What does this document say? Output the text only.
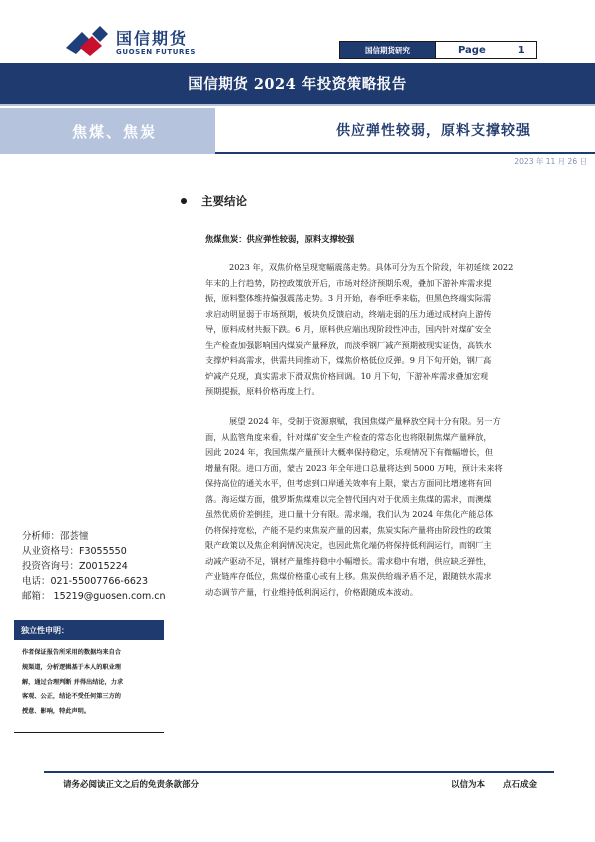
国信期货
GUOSEN FUTURES	国信期货研究	Page	1
国信期货 2024 年投资策略报告
焦煤、焦炭	供应弹性较弱，原料支撑较强
2023 年 11 月 26 日
主要结论
焦煤焦炭：供应弹性较弱，原料支撑较强

2023 年，双焦价格呈现宽幅震荡走势。具体可分为五个阶段，年初延续 2022

年末的上行趋势，防控政策放开后，市场对经济预期乐观，叠加下游补库需求提

振，原料整体维持偏强震荡走势。3 月开始，春季旺季来临，但黑色终端实际需

求启动明显弱于市场预期，板块负反馈启动，终端走弱的压力通过成材向上游传

导，原料成材共振下跌。6 月，原料供应端出现阶段性冲击，国内针对煤矿安全

生产检查加强影响国内煤炭产量释放，而淡季钢厂减产预期被现实证伪，高铁水

支撑炉料高需求，供需共同推动下，煤焦价格低位反弹。9 月下旬开始，钢厂高

炉减产兑现，真实需求下滑双焦价格回调。10 月下旬，下游补库需求叠加宏观

预期提振，原料价格再度上行。

展望 2024 年，受制于资源禀赋，我国焦煤产量释放空间十分有限。另一方

面，从监管角度来看，针对煤矿安全生产检查的常态化也将限制焦煤产量释放，

因此 2024 年，我国焦煤产量预计大概率保持稳定，乐观情况下有微幅增长，但

增量有限。进口方面，蒙古 2023 年全年进口总量将达到 5000 万吨，预计未来将

保持高位的通关水平，但考虑到口岸通关效率有上限，蒙古方面同比增速将有回

落。海运煤方面，俄罗斯焦煤难以完全替代国内对于优质主焦煤的需求，而澳煤

虽然优质价差倒挂，进口量十分有限。需求端，我们认为 2024 年焦化产能总体

仍将保持宽松，产能不是约束焦炭产量的因素，焦炭实际产量将由阶段性的政策

限产政策以及焦企利润情况决定，也因此焦化端仍将保持低利润运行，而钢厂主

动减产驱动不足，钢材产量维持稳中小幅增长。需求稳中有增，供应缺乏弹性，

产业链库存低位，焦煤价格重心或有上移。焦炭供给端矛盾不足，跟随铁水需求

动态调节产量，行业维持低利润运行，价格跟随成本波动。

分析师：邵荟憧

从业资格号：F3055550

投资咨询号：Z0015224

电话：021-55007766-6623

邮箱： 15219@guosen.com.cn

独立性申明：

作者保证报告所采用的数据均来自合

规渠道，分析逻辑基于本人的职业理

解，通过合理判断 并得出结论，力求

客观、公正，结论不受任何第三方的

授意、影响，特此声明。

请务必阅读正文之后的免责条款部分	以信为本 点石成金
